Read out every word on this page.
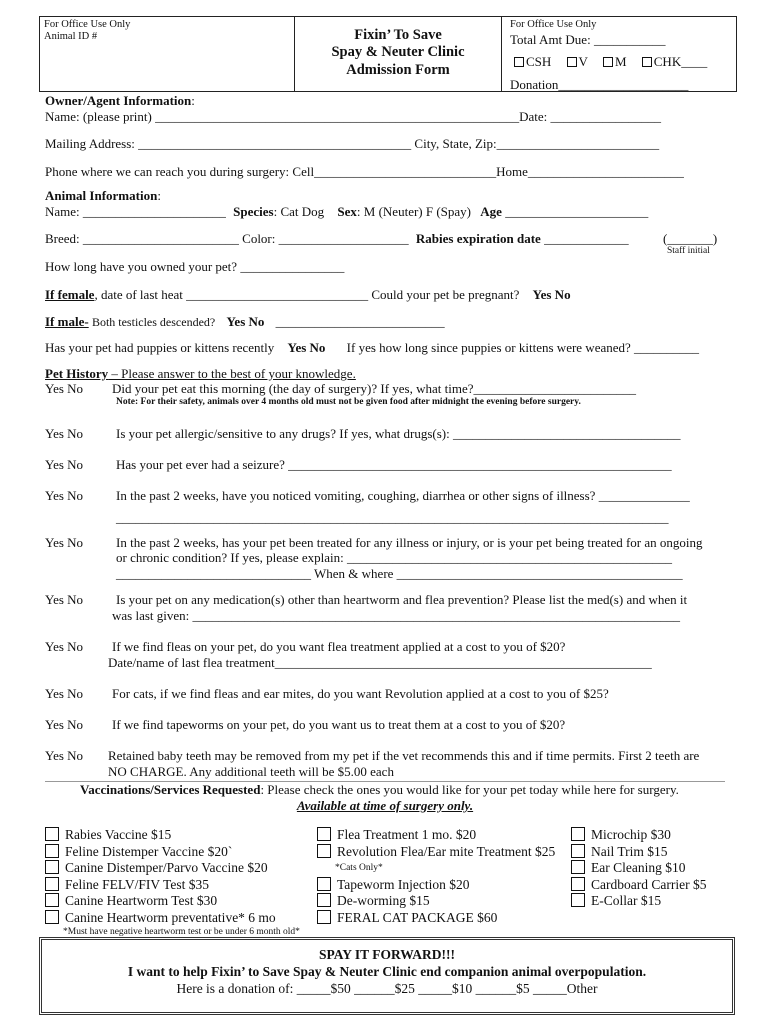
For Office Use Only
Animal ID #	Fixin’ To Save
Spay & Neuter Clinic
Admission Form
For Office Use Only
Total Amt Due: ___________
CSH V M CHK____
Donation____________________
Owner/Agent Information:
Name: (please print) ________________________________________________________Date: _________________
Mailing Address: __________________________________________ City, State, Zip:_________________________
Phone where we can reach you during surgery: Cell____________________________Home________________________
Animal Information:
Name: ______________________ Species: Cat Dog Sex: M (Neuter) F (Spay) Age ______________________
Breed: ________________________ Color: ____________________ Rabies expiration date _____________	(_______)
Staff initial
How long have you owned your pet? ________________
If female, date of last heat ____________________________ Could your pet be pregnant? Yes No
If male- Both testicles descended? Yes No __________________________
Has your pet had puppies or kittens recently Yes No If yes how long since puppies or kittens were weaned? __________
Pet History – Please answer to the best of your knowledge.
Yes No Did your pet eat this morning (the day of surgery)? If yes, what time?_________________________
Note: For their safety, animals over 4 months old must not be given food after midnight the evening before surgery.
Yes No	Is your pet allergic/sensitive to any drugs? If yes, what drugs(s): ___________________________________
Yes No	Has your pet ever had a seizure? ___________________________________________________________
Yes No	In the past 2 weeks, have you noticed vomiting, coughing, diarrhea or other signs of illness? ______________
_____________________________________________________________________________________
Yes No	In the past 2 weeks, has your pet been treated for any illness or injury, or is your pet being treated for an ongoing
or chronic condition? If yes, please explain: __________________________________________________
______________________________ When & where ____________________________________________
Yes No	Is your pet on any medication(s) other than heartworm and flea prevention? Please list the med(s) and when it
was last given: ___________________________________________________________________________
Yes No If we find fleas on your pet, do you want flea treatment applied at a cost to you of $20?
Date/name of last flea treatment__________________________________________________________
Yes No For cats, if we find fleas and ear mites, do you want Revolution applied at a cost to you of $25?
Yes No If we find tapeworms on your pet, do you want us to treat them at a cost to you of $20?
Yes No Retained baby teeth may be removed from my pet if the vet recommends this and if time permits. First 2 teeth are
NO CHARGE. Any additional teeth will be $5.00 each
Vaccinations/Services Requested: Please check the ones you would like for your pet today while here for surgery.
Available at time of surgery only.
Rabies Vaccine $15
Feline Distemper Vaccine $20`
Canine Distemper/Parvo Vaccine $20
Feline FELV/FIV Test $35
Canine Heartworm Test $30
Canine Heartworm preventative* 6 mo
*Must have negative heartworm test or be under 6 month old*
Flea Treatment 1 mo. $20
Revolution Flea/Ear mite Treatment $25
*Cats Only*
Tapeworm Injection $20
De-worming $15
FERAL CAT PACKAGE $60
Microchip $30
Nail Trim $15
Ear Cleaning $10
Cardboard Carrier $5
E-Collar $15
SPAY IT FORWARD!!!
I want to help Fixin’ to Save Spay & Neuter Clinic end companion animal overpopulation.
Here is a donation of: _____$50 ______$25 _____$10 ______$5 _____Other
